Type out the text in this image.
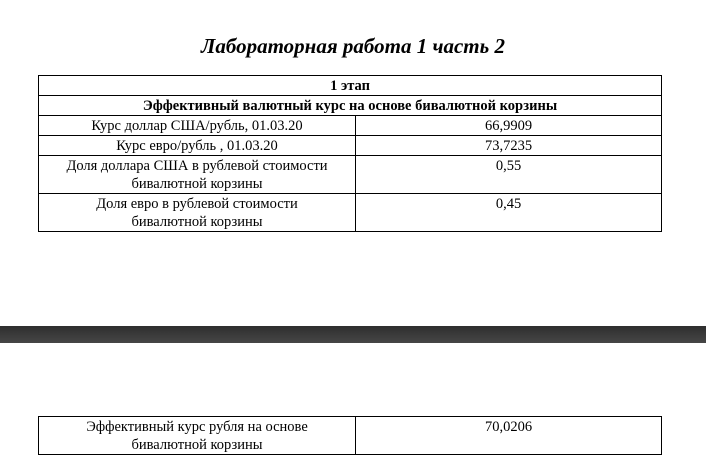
Лабораторная работа 1 часть 2
1 этап	
Эффективный валютный курс на основе бивалютной корзины	
Курс доллар США/рубль, 01.03.20	66,9909
Курс евро/рубль , 01.03.20	73,7235
Доля доллара США в рублевой стоимости бивалютной корзины	0,55
Доля евро в рублевой стоимости бивалютной корзины	0,45
Эффективный курс рубля на основе бивалютной корзины	70,0206
